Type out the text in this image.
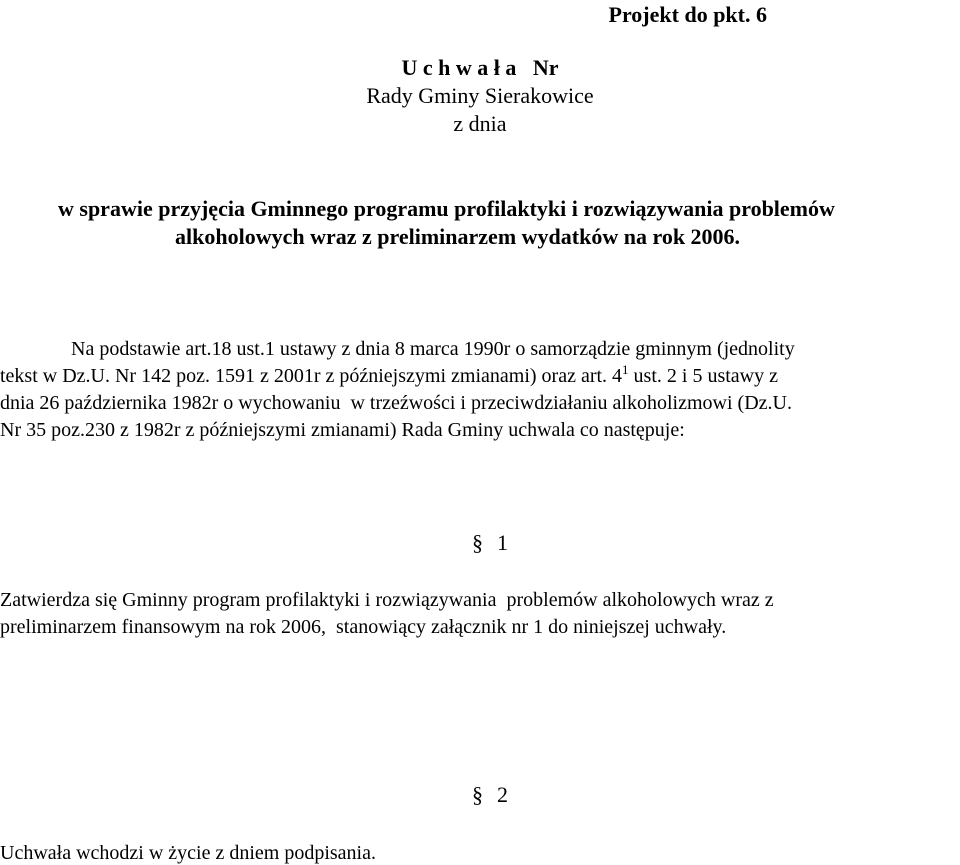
Projekt do pkt. 6
U c h w a ł a   Nr
Rady Gminy Sierakowice
z dnia
w sprawie przyjęcia Gminnego programu profilaktyki i rozwiązywania problemów
alkoholowych wraz z preliminarzem wydatków na rok 2006.
Na podstawie art.18 ust.1 ustawy z dnia 8 marca 1990r o samorządzie gminnym (jednolity
tekst w Dz.U. Nr 142 poz. 1591 z 2001r z późniejszymi zmianami) oraz art. $4^1$ ust. 2 i 5 ustawy z
dnia 26 października 1982r o wychowaniu  w trzeźwości i przeciwdziałaniu alkoholizmowi (Dz.U.
Nr 35 poz.230 z 1982r z późniejszymi zmianami) Rada Gminy uchwala co następuje:
§ 1
Zatwierdza się Gminny program profilaktyki i rozwiązywania  problemów alkoholowych wraz z
preliminarzem finansowym na rok 2006,  stanowiący załącznik nr 1 do niniejszej uchwały.
§ 2
Uchwała wchodzi w życie z dniem podpisania.
